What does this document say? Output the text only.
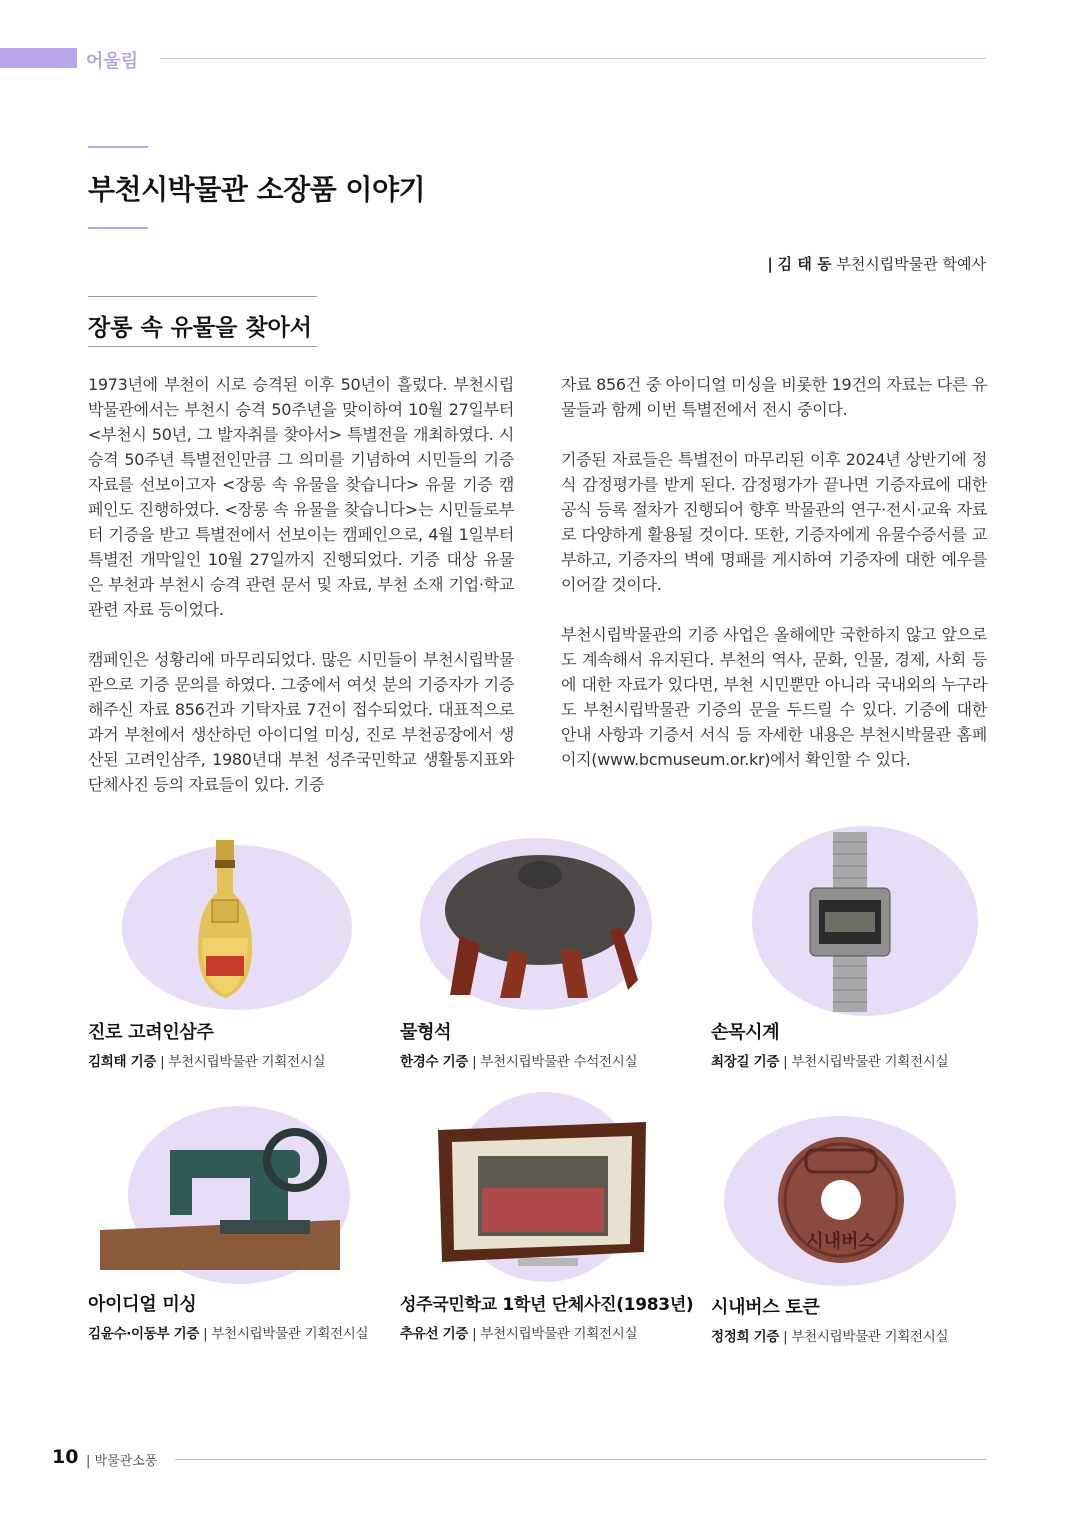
어울림
부천시박물관 소장품 이야기
| 김 태 동 부천시립박물관 학예사
장롱 속 유물을 찾아서

1973년에 부천이 시로 승격된 이후 50년이 흘렀다. 부천시립박물관에서는 부천시 승격 50주년을 맞이하여 10월 27일부터 <부천시 50년, 그 발자취를 찾아서> 특별전을 개최하였다. 시승격 50주년 특별전인만큼 그 의미를 기념하여 시민들의 기증자료를 선보이고자 <장롱 속 유물을 찾습니다> 유물 기증 캠페인도 진행하였다. <장롱 속 유물을 찾습니다>는 시민들로부터 기증을 받고 특별전에서 선보이는 캠페인으로, 4월 1일부터 특별전 개막일인 10월 27일까지 진행되었다. 기증 대상 유물은 부천과 부천시 승격 관련 문서 및 자료, 부천 소재 기업·학교 관련 자료 등이었다.

캠페인은 성황리에 마무리되었다. 많은 시민들이 부천시립박물관으로 기증 문의를 하였다. 그중에서 여섯 분의 기증자가 기증해주신 자료 856건과 기탁자료 7건이 접수되었다. 대표적으로 과거 부천에서 생산하던 아이디얼 미싱, 진로 부천공장에서 생산된 고려인삼주, 1980년대 부천 성주국민학교 생활통지표와 단체사진 등의 자료들이 있다. 기증

자료 856건 중 아이디얼 미싱을 비롯한 19건의 자료는 다른 유물들과 함께 이번 특별전에서 전시 중이다.

기증된 자료들은 특별전이 마무리된 이후 2024년 상반기에 정식 감정평가를 받게 된다. 감정평가가 끝나면 기증자료에 대한 공식 등록 절차가 진행되어 향후 박물관의 연구·전시·교육 자료로 다양하게 활용될 것이다. 또한, 기증자에게 유물수증서를 교부하고, 기증자의 벽에 명패를 게시하여 기증자에 대한 예우를 이어갈 것이다.

부천시립박물관의 기증 사업은 올해에만 국한하지 않고 앞으로도 계속해서 유지된다. 부천의 역사, 문화, 인물, 경제, 사회 등에 대한 자료가 있다면, 부천 시민뿐만 아니라 국내외의 누구라도 부천시립박물관 기증의 문을 두드릴 수 있다. 기증에 대한 안내 사항과 기증서 서식 등 자세한 내용은 부천시박물관 홈페이지(www.bcmuseum.or.kr)에서 확인할 수 있다.

진로 고려인삼주
김희태 기증 | 부천시립박물관 기획전시실
물형석
한경수 기증 | 부천시립박물관 수석전시실
손목시계
최장길 기증 | 부천시립박물관 기획전시실
시내버스
아이디얼 미싱
김윤수·이동부 기증 | 부천시립박물관 기획전시실
성주국민학교 1학년 단체사진(1983년)
추유선 기증 | 부천시립박물관 기획전시실
시내버스 토큰
정정희 기증 | 부천시립박물관 기획전시실
10 | 박물관소풍
